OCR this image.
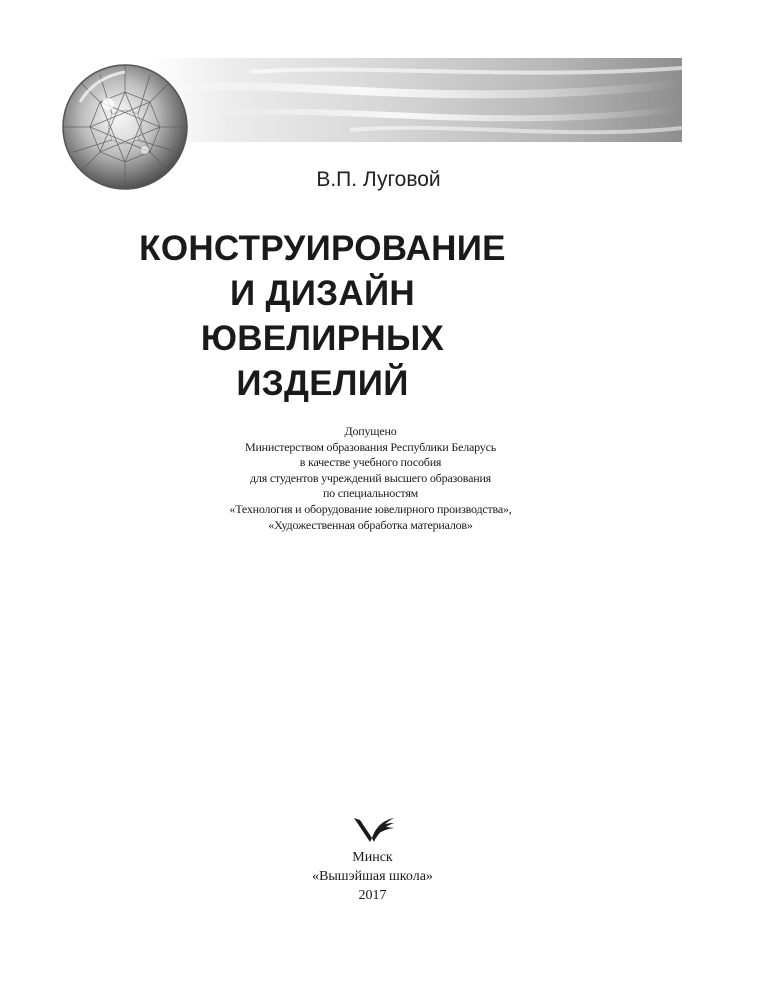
В.П. Луговой
КОНСТРУИРОВАНИЕ
И ДИЗАЙН
ЮВЕЛИРНЫХ
ИЗДЕЛИЙ
Допущено
Министерством образования Республики Беларусь
в качестве учебного пособия
для студентов учреждений высшего образования
по специальностям
«Технология и оборудование ювелирного производства»,
«Художественная обработка материалов»
Минск
«Вышэйшая школа»
2017
